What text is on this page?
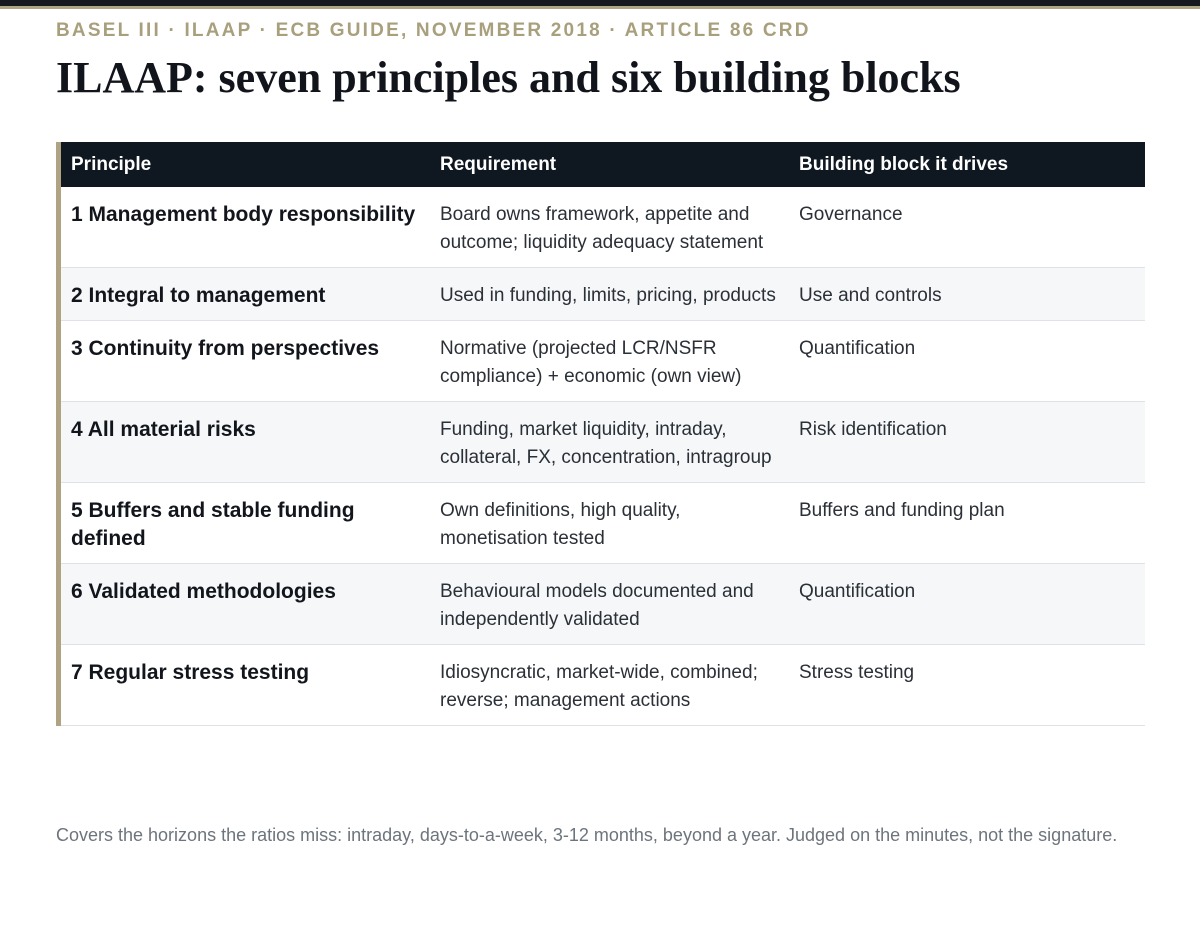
BASEL III · ILAAP · ECB GUIDE, NOVEMBER 2018 · ARTICLE 86 CRD
ILAAP: seven principles and six building blocks
Principle	Requirement	Building block it drives
1 Management body responsibility	Board owns framework, appetite and outcome; liquidity adequacy statement	Governance
2 Integral to management	Used in funding, limits, pricing, products	Use and controls
3 Continuity from perspectives	Normative (projected LCR/NSFR compliance) + economic (own view)	Quantification
4 All material risks	Funding, market liquidity, intraday, collateral, FX, concentration, intragroup	Risk identification
5 Buffers and stable funding defined	Own definitions, high quality, monetisation tested	Buffers and funding plan
6 Validated methodologies	Behavioural models documented and independently validated	Quantification
7 Regular stress testing	Idiosyncratic, market-wide, combined; reverse; management actions	Stress testing
Covers the horizons the ratios miss: intraday, days-to-a-week, 3-12 months, beyond a year. Judged on the minutes, not the signature.
